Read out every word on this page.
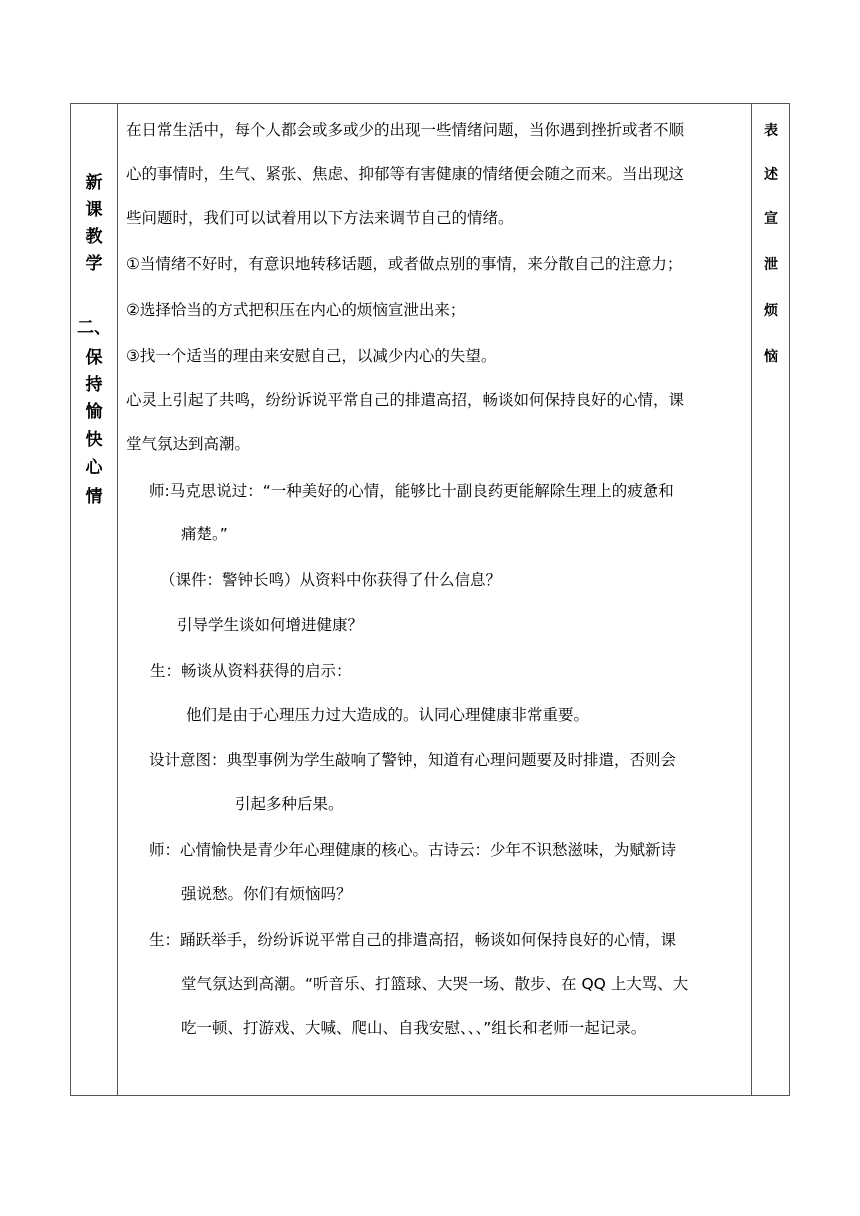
新
课
教
学
二、
保
持
愉
快
心
情
在日常生活中，每个人都会或多或少的出现一些情绪问题，当你遇到挫折或者不顺
心的事情时，生气、紧张、焦虑、抑郁等有害健康的情绪便会随之而来。当出现这
些问题时，我们可以试着用以下方法来调节自己的情绪。
①当情绪不好时，有意识地转移话题，或者做点别的事情，来分散自己的注意力；
②选择恰当的方式把积压在内心的烦恼宣泄出来；
③找一个适当的理由来安慰自己，以减少内心的失望。
心灵上引起了共鸣，纷纷诉说平常自己的排遣高招，畅谈如何保持良好的心情，课
堂气氛达到高潮。
师:马克思说过：“一种美好的心情，能够比十副良药更能解除生理上的疲惫和
痛楚。”
（课件：警钟长鸣）从资料中你获得了什么信息？
引导学生谈如何增进健康？
生：畅谈从资料获得的启示：
他们是由于心理压力过大造成的。认同心理健康非常重要。
设计意图：典型事例为学生敲响了警钟，知道有心理问题要及时排遣，否则会
引起多种后果。
师：心情愉快是青少年心理健康的核心。古诗云：少年不识愁滋味，为赋新诗
强说愁。你们有烦恼吗？
生：踊跃举手，纷纷诉说平常自己的排遣高招，畅谈如何保持良好的心情，课
堂气氛达到高潮。“听音乐、打篮球、大哭一场、散步、在 QQ 上大骂、大
吃一顿、打游戏、大喊、爬山、自我安慰、、、”组长和老师一起记录。
表
述
宣
泄
烦
恼
